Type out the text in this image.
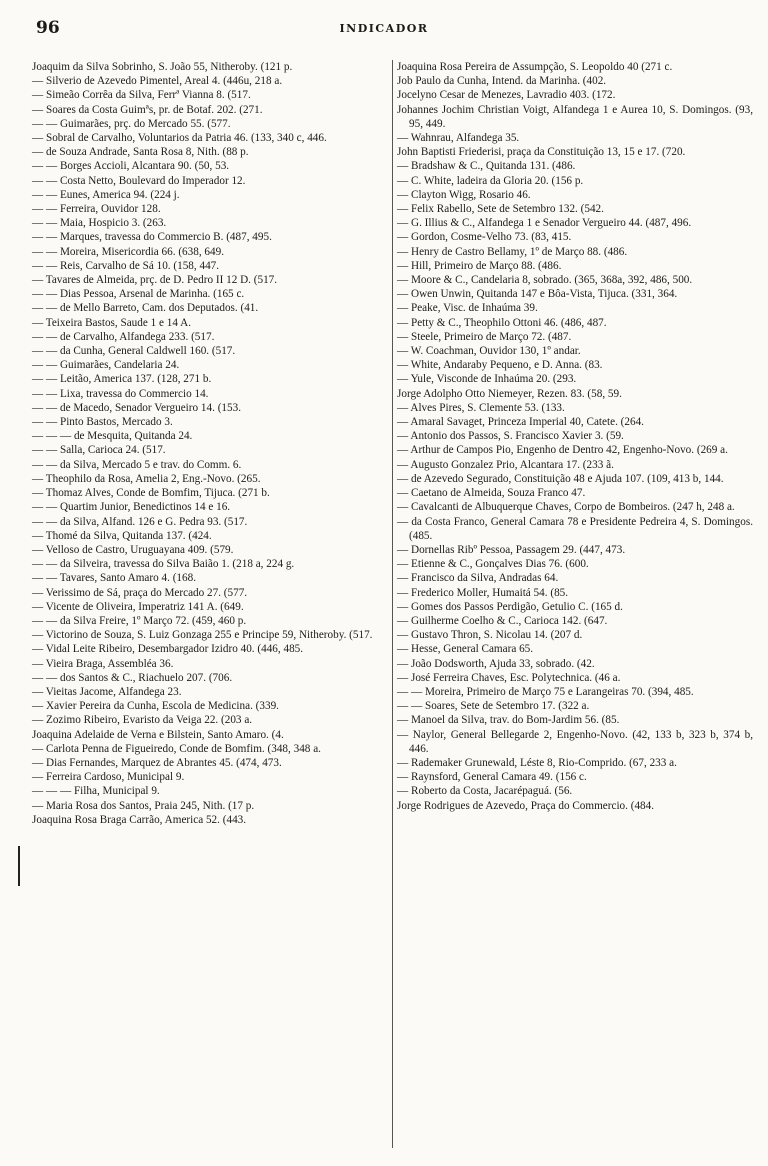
96	INDICADOR

Joaquim da Silva Sobrinho, S. João 55, Nitheroby. (121 p.

— Silverio de Azevedo Pimentel, Areal 4. (446u, 218 a.

— Simeão Corrêa da Silva, Ferrª Vianna 8. (517.

— Soares da Costa Guimªs, pr. de Botaf. 202. (271.

— — Guimarães, prç. do Mercado 55. (577.

— Sobral de Carvalho, Voluntarios da Patria 46. (133, 340 c, 446.

— de Souza Andrade, Santa Rosa 8, Nith. (88 p.

— — Borges Accioli, Alcantara 90. (50, 53.

— — Costa Netto, Boulevard do Imperador 12.

— — Eunes, America 94. (224 j.

— — Ferreira, Ouvidor 128.

— — Maia, Hospicio 3. (263.

— — Marques, travessa do Commercio B. (487, 495.

— — Moreira, Misericordia 66. (638, 649.

— — Reis, Carvalho de Sá 10. (158, 447.

— Tavares de Almeida, prç. de D. Pedro II 12 D. (517.

— — Dias Pessoa, Arsenal de Marinha. (165 c.

— — de Mello Barreto, Cam. dos Deputados. (41.

— Teixeira Bastos, Saude 1 e 14 A.

— — de Carvalho, Alfandega 233. (517.

— — da Cunha, General Caldwell 160. (517.

— — Guimarães, Candelaria 24.

— — Leitão, America 137. (128, 271 b.

— — Lixa, travessa do Commercio 14.

— — de Macedo, Senador Vergueiro 14. (153.

— — Pinto Bastos, Mercado 3.

— — — de Mesquita, Quitanda 24.

— — Salla, Carioca 24. (517.

— — da Silva, Mercado 5 e trav. do Comm. 6.

— Theophilo da Rosa, Amelia 2, Eng.-Novo. (265.

— Thomaz Alves, Conde de Bomfim, Tijuca. (271 b.

— — Quartim Junior, Benedictinos 14 e 16.

— — da Silva, Alfand. 126 e G. Pedra 93. (517.

— Thomé da Silva, Quitanda 137. (424.

— Velloso de Castro, Uruguayana 409. (579.

— — da Silveira, travessa do Silva Baião 1. (218 a, 224 g.

— — Tavares, Santo Amaro 4. (168.

— Verissimo de Sá, praça do Mercado 27. (577.

— Vicente de Oliveira, Imperatriz 141 A. (649.

— — da Silva Freire, 1º Março 72. (459, 460 p.

— Victorino de Souza, S. Luiz Gonzaga 255 e Principe 59, Nitheroby. (517.

— Vidal Leite Ribeiro, Desembargador Izidro 40. (446, 485.

— Vieira Braga, Assembléa 36.

— — dos Santos & C., Riachuelo 207. (706.

— Vieitas Jacome, Alfandega 23.

— Xavier Pereira da Cunha, Escola de Medicina. (339.

— Zozimo Ribeiro, Evaristo da Veiga 22. (203 a.

Joaquina Adelaide de Verna e Bilstein, Santo Amaro. (4.

— Carlota Penna de Figueiredo, Conde de Bomfim. (348, 348 a.

— Dias Fernandes, Marquez de Abrantes 45. (474, 473.

— Ferreira Cardoso, Municipal 9.

— — — Filha, Municipal 9.

— Maria Rosa dos Santos, Praia 245, Nith. (17 p.

Joaquina Rosa Braga Carrão, America 52. (443.

Joaquina Rosa Pereira de Assumpção, S. Leopoldo 40 (271 c.

Job Paulo da Cunha, Intend. da Marinha. (402.

Jocelyno Cesar de Menezes, Lavradio 403. (172.

Johannes Jochim Christian Voigt, Alfandega 1 e Aurea 10, S. Domingos. (93, 95, 449.

— Wahnrau, Alfandega 35.

John Baptisti Friederisi, praça da Constituição 13, 15 e 17. (720.

— Bradshaw & C., Quitanda 131. (486.

— C. White, ladeira da Gloria 20. (156 p.

— Clayton Wigg, Rosario 46.

— Felix Rabello, Sete de Setembro 132. (542.

— G. Illius & C., Alfandega 1 e Senador Vergueiro 44. (487, 496.

— Gordon, Cosme-Velho 73. (83, 415.

— Henry de Castro Bellamy, 1º de Março 88. (486.

— Hill, Primeiro de Março 88. (486.

— Moore & C., Candelaria 8, sobrado. (365, 368a, 392, 486, 500.

— Owen Unwin, Quitanda 147 e Bôa-Vista, Tijuca. (331, 364.

— Peake, Visc. de Inhaúma 39.

— Petty & C., Theophilo Ottoni 46. (486, 487.

— Steele, Primeiro de Março 72. (487.

— W. Coachman, Ouvidor 130, 1º andar.

— White, Andaraby Pequeno, e D. Anna. (83.

— Yule, Visconde de Inhaúma 20. (293.

Jorge Adolpho Otto Niemeyer, Rezen. 83. (58, 59.

— Alves Pires, S. Clemente 53. (133.

— Amaral Savaget, Princeza Imperial 40, Catete. (264.

— Antonio dos Passos, S. Francisco Xavier 3. (59.

— Arthur de Campos Pio, Engenho de Dentro 42, Engenho-Novo. (269 a.

— Augusto Gonzalez Prio, Alcantara 17. (233 ã.

— de Azevedo Segurado, Constituição 48 e Ajuda 107. (109, 413 b, 144.

— Caetano de Almeida, Souza Franco 47.

— Cavalcanti de Albuquerque Chaves, Corpo de Bombeiros. (247 h, 248 a.

— da Costa Franco, General Camara 78 e Presidente Pedreira 4, S. Domingos. (485.

— Dornellas Ribº Pessoa, Passagem 29. (447, 473.

— Etienne & C., Gonçalves Dias 76. (600.

— Francisco da Silva, Andradas 64.

— Frederico Moller, Humaitá 54. (85.

— Gomes dos Passos Perdigão, Getulio C. (165 d.

— Guilherme Coelho & C., Carioca 142. (647.

— Gustavo Thron, S. Nicolau 14. (207 d.

— Hesse, General Camara 65.

— João Dodsworth, Ajuda 33, sobrado. (42.

— José Ferreira Chaves, Esc. Polytechnica. (46 a.

— — Moreira, Primeiro de Março 75 e Larangeiras 70. (394, 485.

— — Soares, Sete de Setembro 17. (322 a.

— Manoel da Silva, trav. do Bom-Jardim 56. (85.

— Naylor, General Bellegarde 2, Engenho-Novo. (42, 133 b, 323 b, 374 b, 446.

— Rademaker Grunewald, Léste 8, Rio-Comprido. (67, 233 a.

— Raynsford, General Camara 49. (156 c.

— Roberto da Costa, Jacarépaguá. (56.

Jorge Rodrigues de Azevedo, Praça do Commercio. (484.
